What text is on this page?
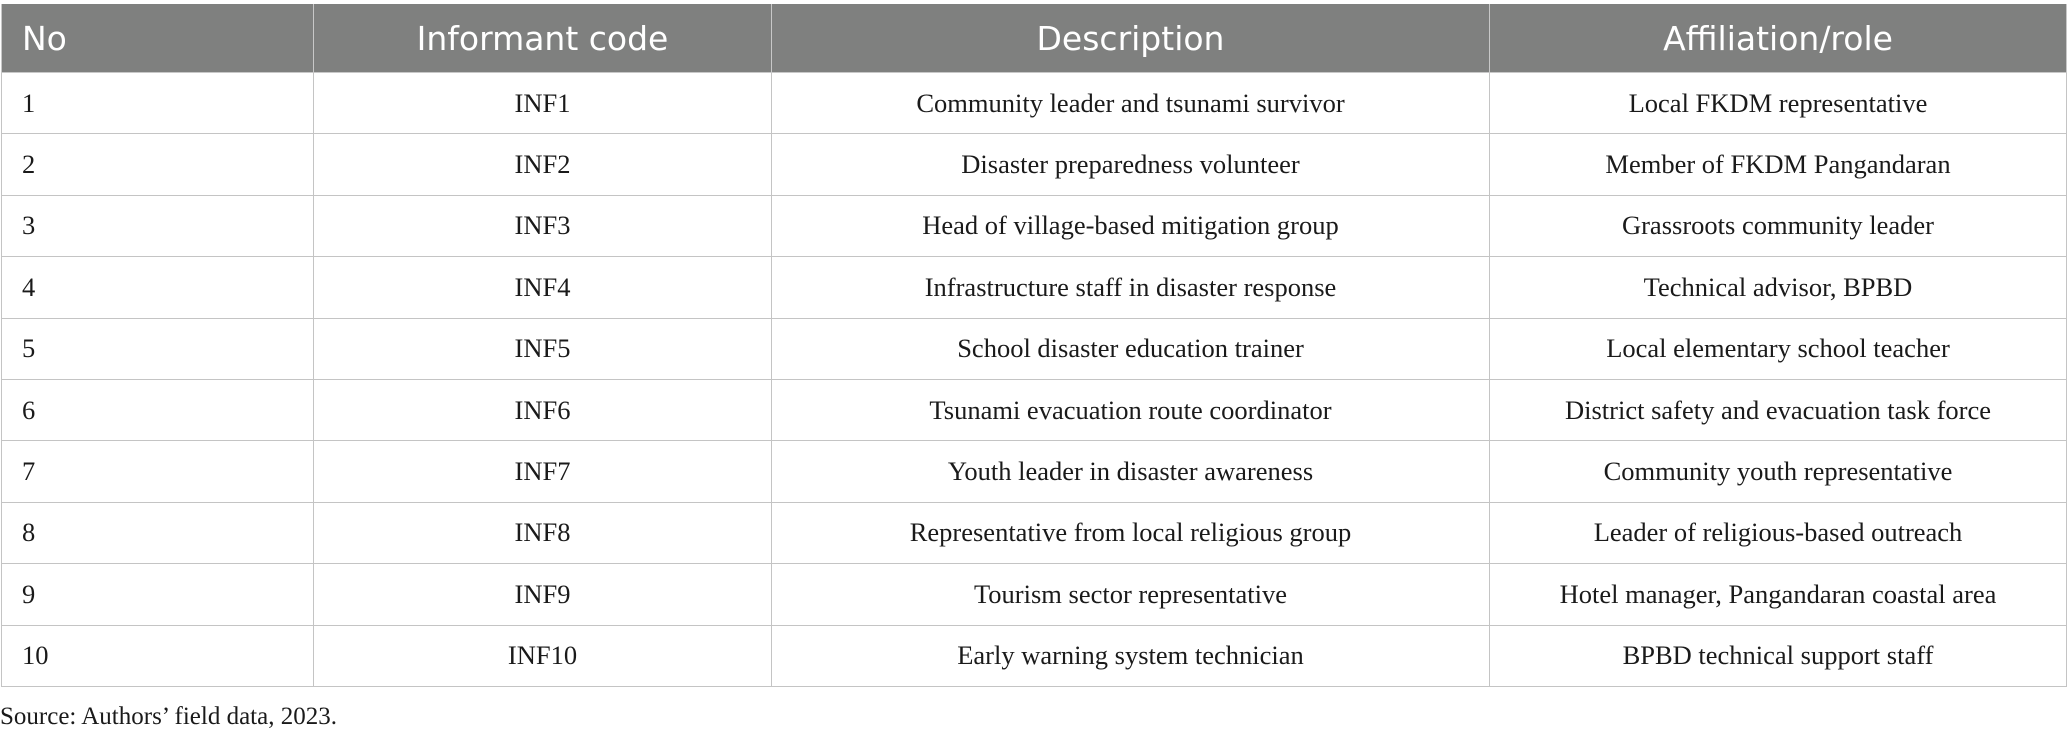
No	Informant code	Description	Affiliation/role
1	INF1	Community leader and tsunami survivor	Local FKDM representative
2	INF2	Disaster preparedness volunteer	Member of FKDM Pangandaran
3	INF3	Head of village-based mitigation group	Grassroots community leader
4	INF4	Infrastructure staff in disaster response	Technical advisor, BPBD
5	INF5	School disaster education trainer	Local elementary school teacher
6	INF6	Tsunami evacuation route coordinator	District safety and evacuation task force
7	INF7	Youth leader in disaster awareness	Community youth representative
8	INF8	Representative from local religious group	Leader of religious-based outreach
9	INF9	Tourism sector representative	Hotel manager, Pangandaran coastal area
10	INF10	Early warning system technician	BPBD technical support staff
Source: Authors’ field data, 2023.
